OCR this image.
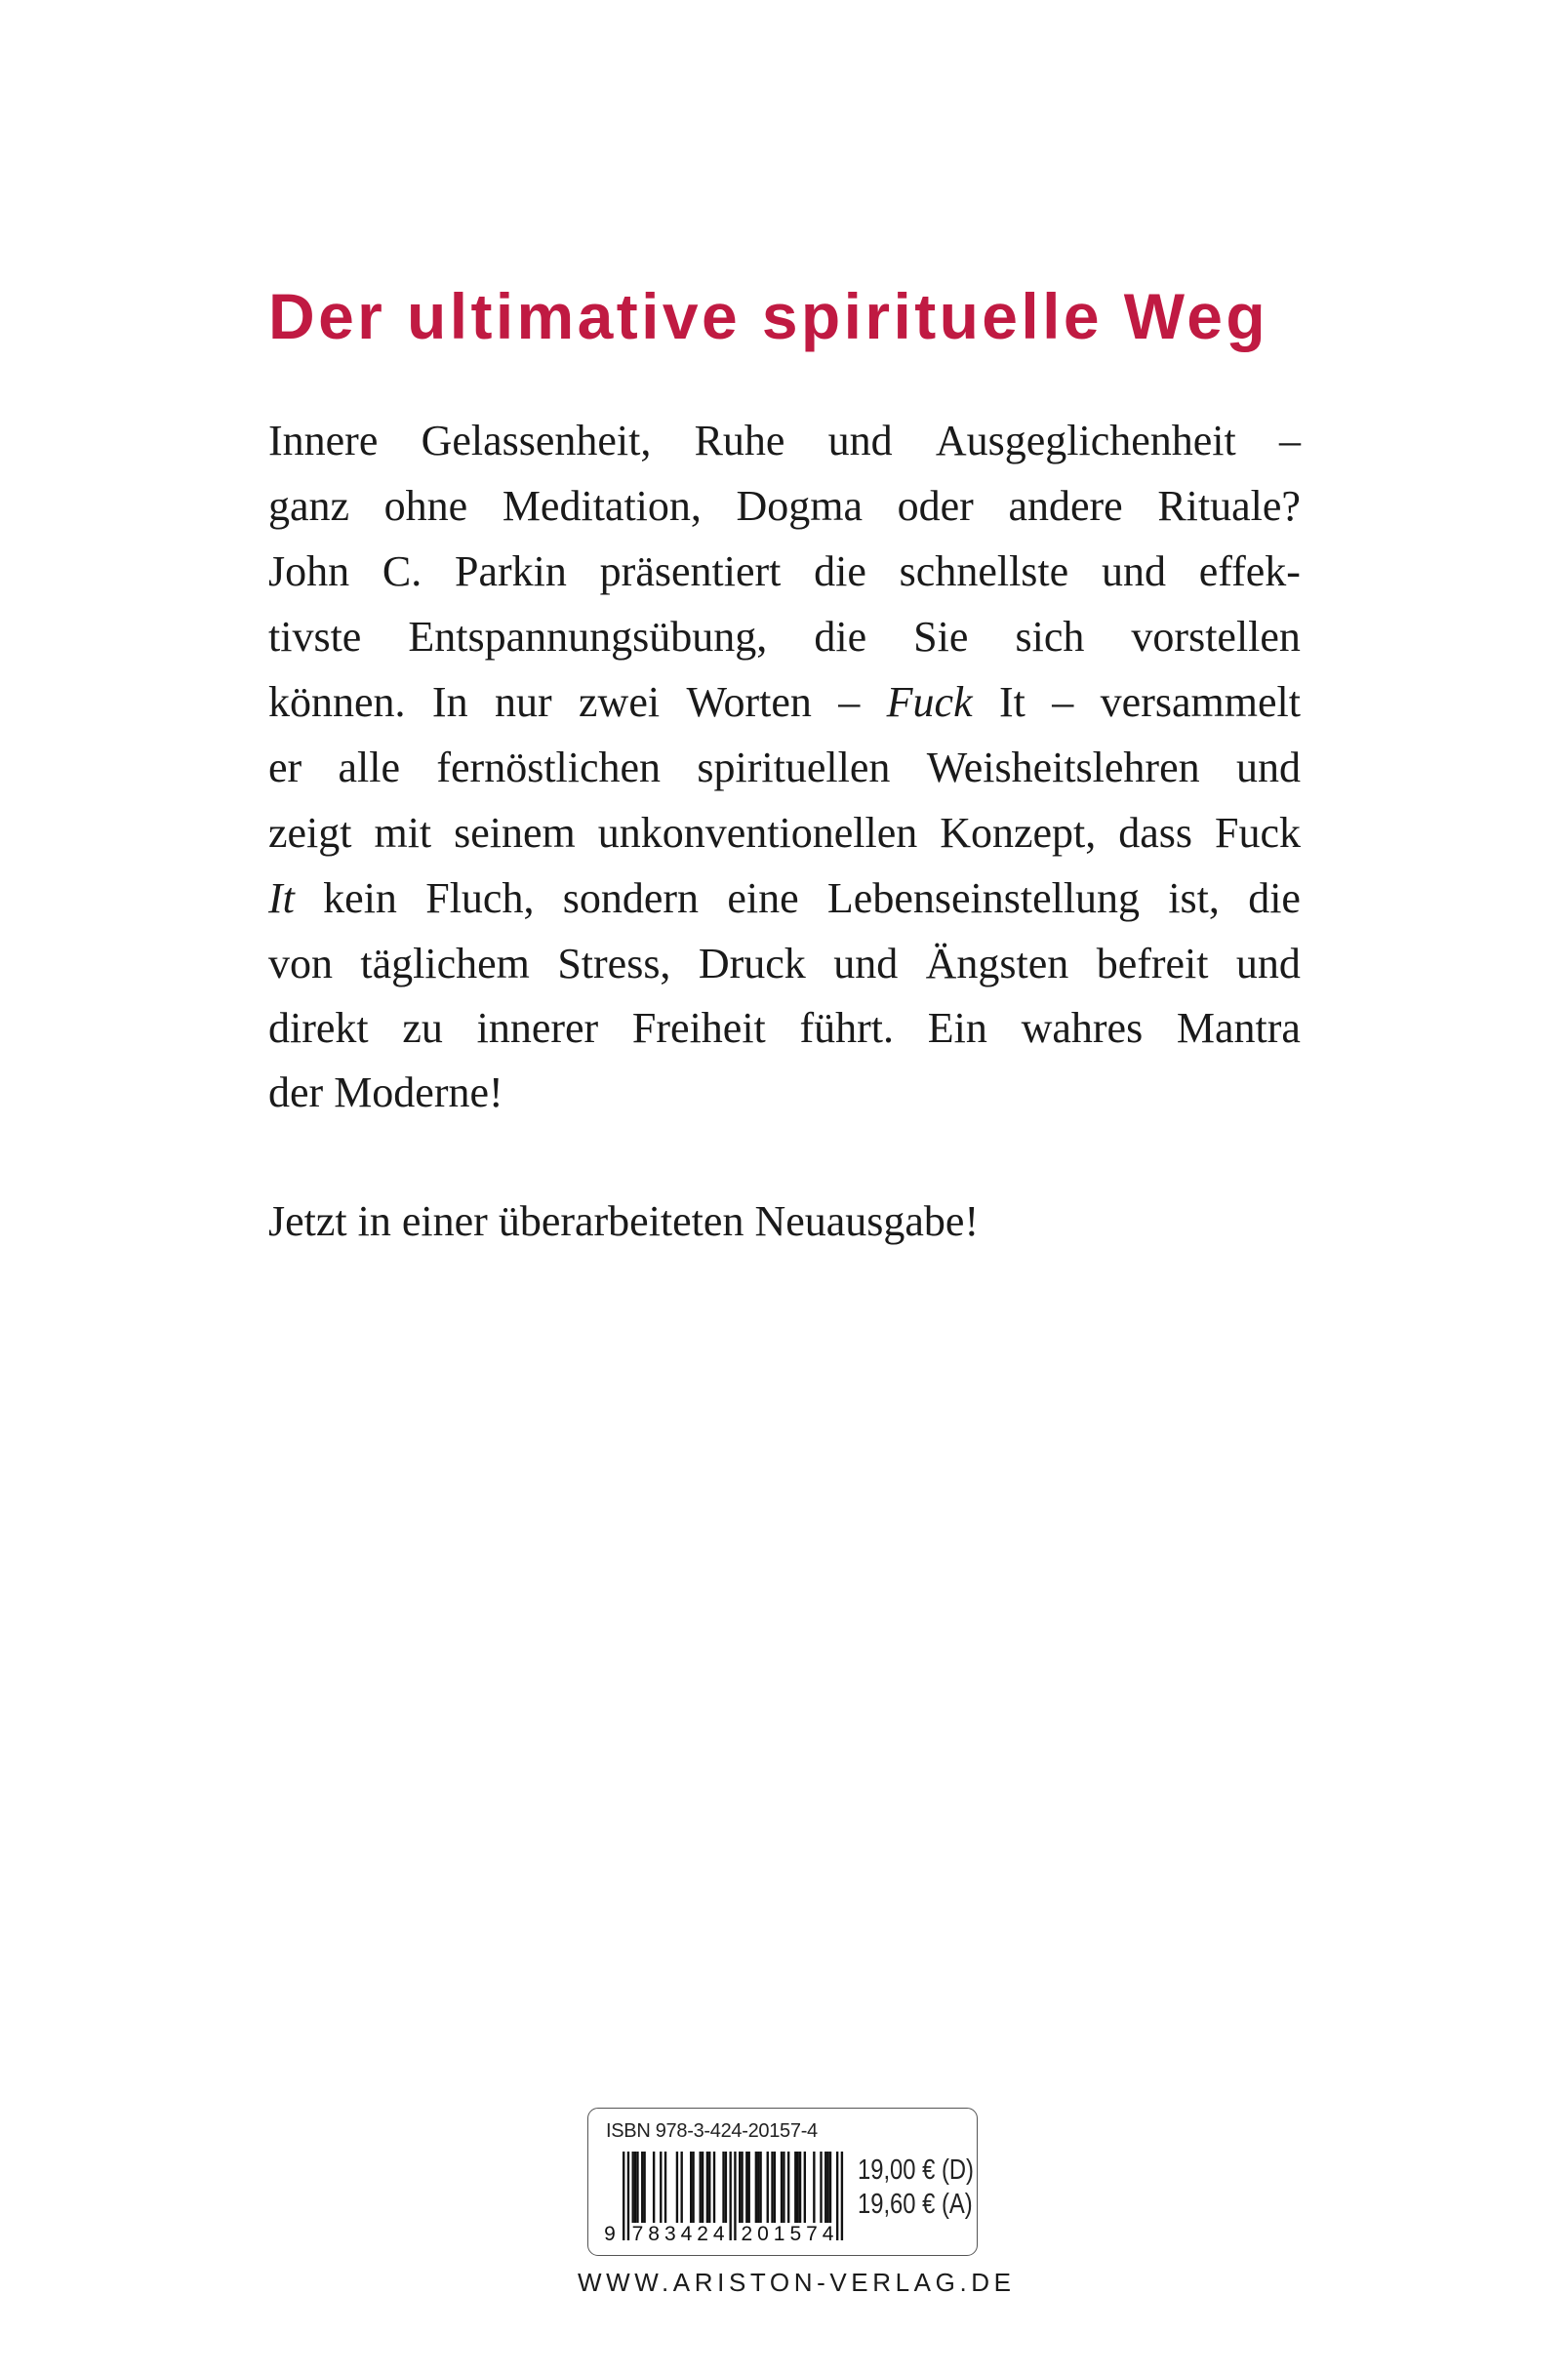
Der ultimative spirituelle Weg
Innere Gelassenheit, Ruhe und Ausgeglichenheit –
ganz ohne Meditation, Dogma oder andere Rituale?
John C. Parkin präsentiert die schnellste und effek-
tivste Entspannungsübung, die Sie sich vorstellen
können. In nur zwei Worten – Fuck It – versammelt
er alle fernöstlichen spirituellen Weisheitslehren und
zeigt mit seinem unkonventionellen Konzept, dass Fuck
It kein Fluch, sondern eine Lebenseinstellung ist, die
von täglichem Stress, Druck und Ängsten befreit und
direkt zu innerer Freiheit führt. Ein wahres Mantra
der Moderne!
Jetzt in einer überarbeiteten Neuausgabe!
ISBN 978-3-424-20157-4
9 7 8 3 4 2 4 2 0 1 5 7 4
19,00 € (D)
19,60 € (A)
WWW.ARISTON-VERLAG.DE
